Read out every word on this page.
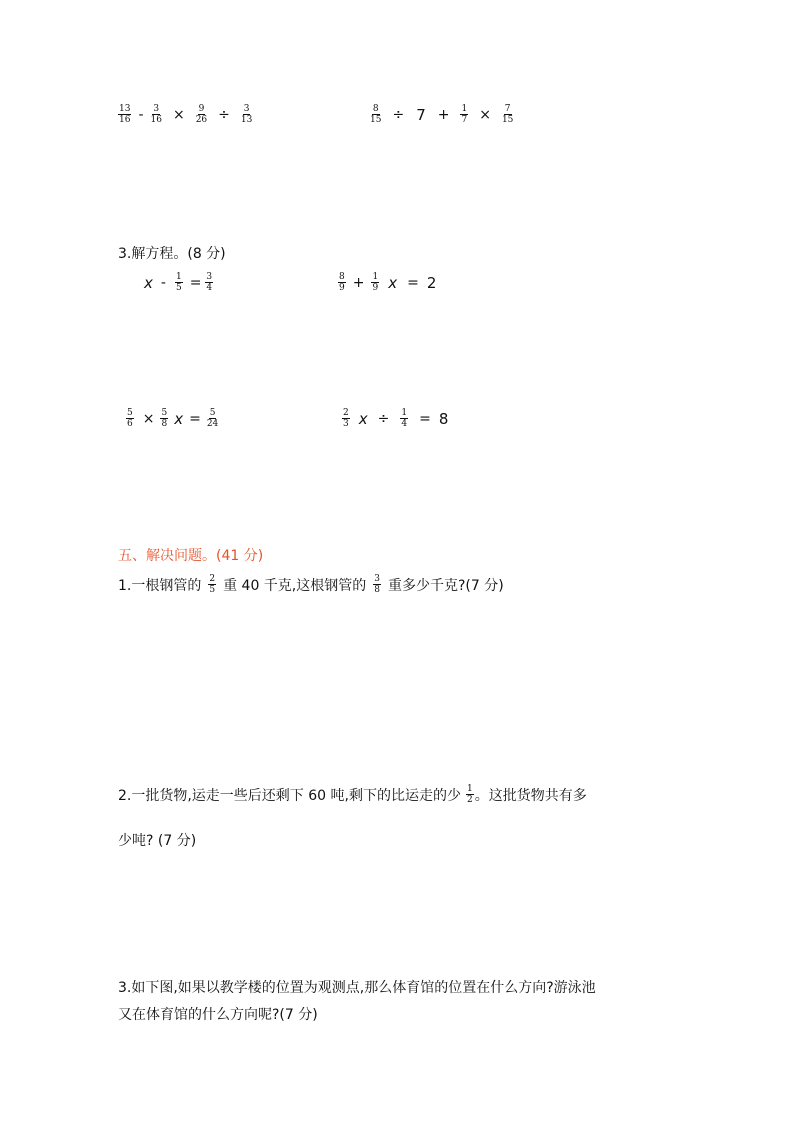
$\frac{13}{16} - \frac{3}{16} \times \frac{9}{26} \div \frac{3}{13}$	$\frac{8}{15} \div 7 + \frac{1}{7} \times \frac{7}{15}$
3.解方程。(8 分)
$x - \frac{1}{5} = \frac{3}{4}$	$\frac{8}{9} + \frac{1}{9}$ x = 2
$\frac{5}{6} \times \frac{5}{8}$ $x = \frac{5}{24}$	$\frac{2}{3}$ $x \div \frac{1}{4} = 8$
五、解决问题。(41 分)
1.一根钢管的 $\frac{2}{5}$ 重 40 千克,这根钢管的 $\frac{3}{8}$ 重多少千克?(7 分)
2.一批货物,运走一些后还剩下 60 吨,剩下的比运走的少 $\frac{1}{2}$ 。这批货物共有多
少吨? (7 分)
3.如下图,如果以教学楼的位置为观测点,那么体育馆的位置在什么方向?游泳池
又在体育馆的什么方向呢?(7 分)
